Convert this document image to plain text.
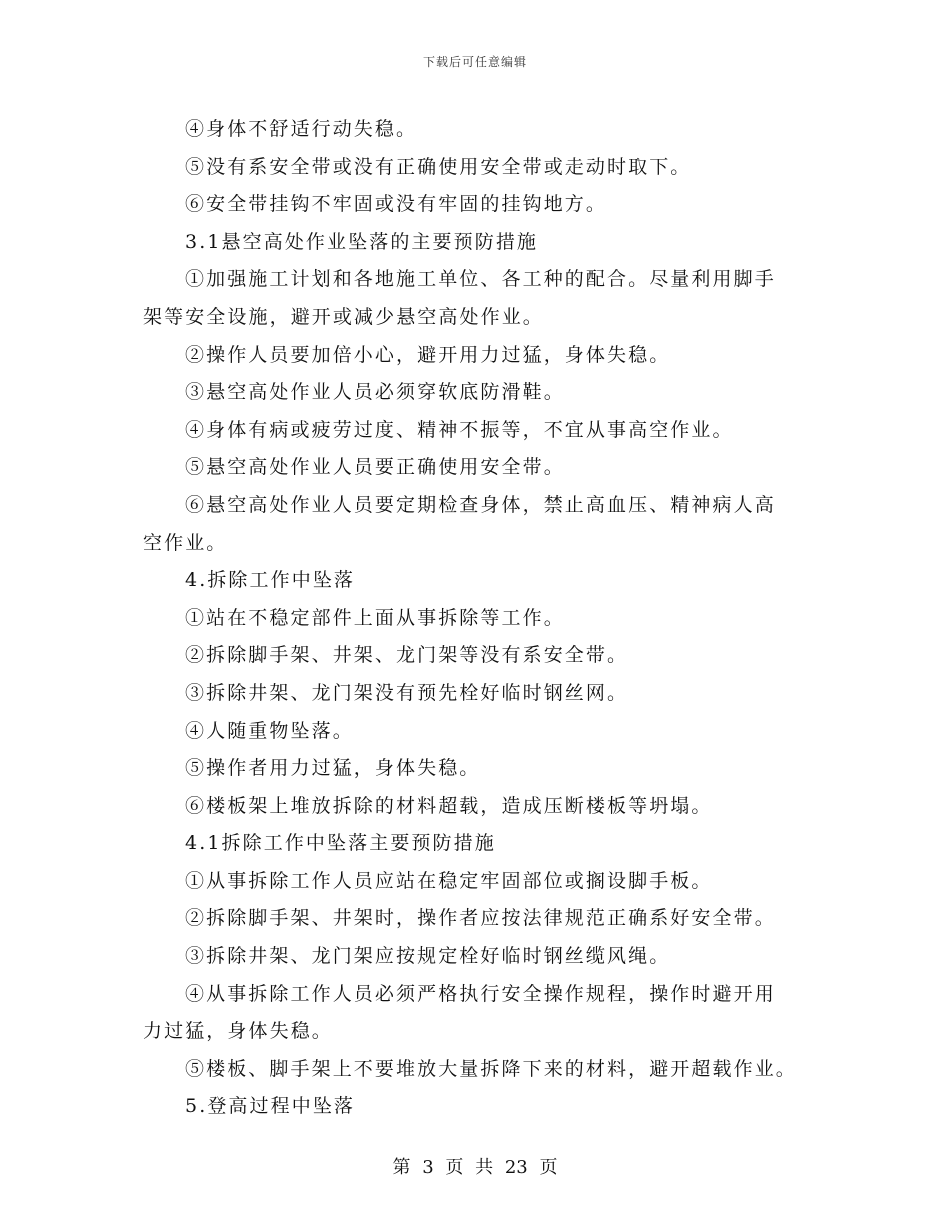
下载后可任意编辑
④身体不舒适行动失稳。
⑤没有系安全带或没有正确使用安全带或走动时取下。
⑥安全带挂钩不牢固或没有牢固的挂钩地方。
3.1悬空高处作业坠落的主要预防措施
①加强施工计划和各地施工单位、各工种的配合。尽量利用脚手
架等安全设施，避开或减少悬空高处作业。
②操作人员要加倍小心，避开用力过猛，身体失稳。
③悬空高处作业人员必须穿软底防滑鞋。
④身体有病或疲劳过度、精神不振等，不宜从事高空作业。
⑤悬空高处作业人员要正确使用安全带。
⑥悬空高处作业人员要定期检查身体，禁止高血压、精神病人高
空作业。
4.拆除工作中坠落
①站在不稳定部件上面从事拆除等工作。
②拆除脚手架、井架、龙门架等没有系安全带。
③拆除井架、龙门架没有预先栓好临时钢丝网。
④人随重物坠落。
⑤操作者用力过猛，身体失稳。
⑥楼板架上堆放拆除的材料超载，造成压断楼板等坍塌。
4.1拆除工作中坠落主要预防措施
①从事拆除工作人员应站在稳定牢固部位或搁设脚手板。
②拆除脚手架、井架时，操作者应按法律规范正确系好安全带。
③拆除井架、龙门架应按规定栓好临时钢丝缆风绳。
④从事拆除工作人员必须严格执行安全操作规程，操作时避开用
力过猛，身体失稳。
⑤楼板、脚手架上不要堆放大量拆降下来的材料，避开超载作业。
5.登高过程中坠落
第 3 页 共 23 页
